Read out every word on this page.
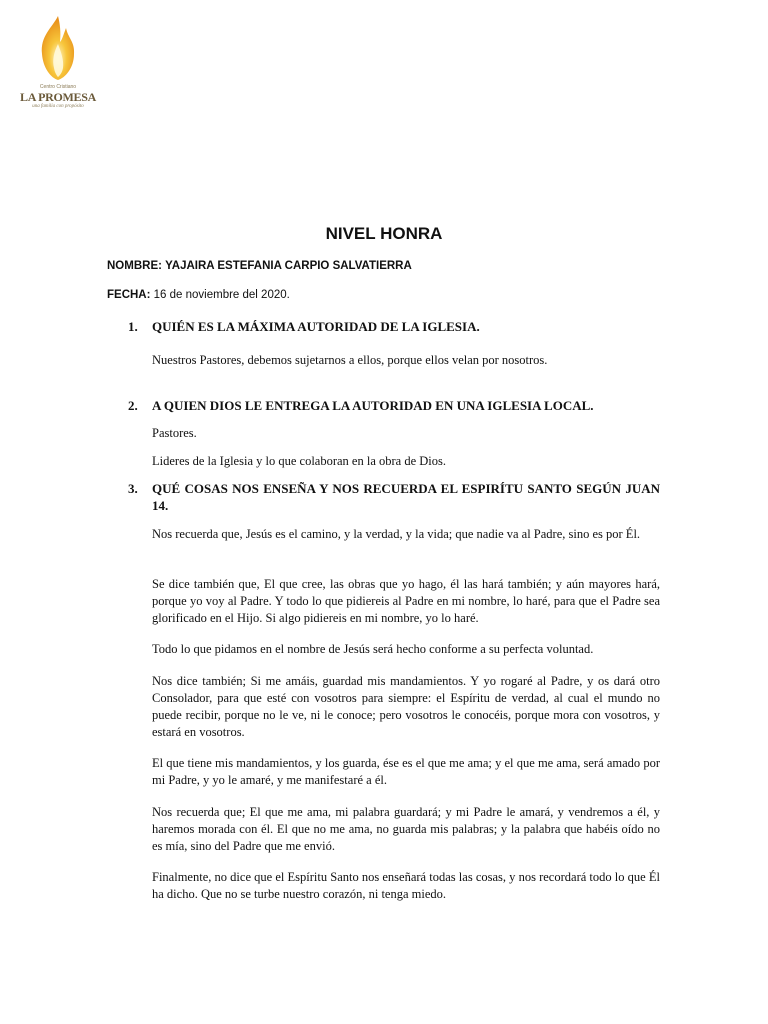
Centro Cristiano
LA PROMESA
una familia con propósito
NIVEL HONRA
NOMBRE: YAJAIRA ESTEFANIA CARPIO SALVATIERRA
FECHA: 16 de noviembre del 2020.
1.	QUIÉN ES LA MÁXIMA AUTORIDAD DE LA IGLESIA.
Nuestros Pastores, debemos sujetarnos a ellos, porque ellos velan por nosotros.
2.	A QUIEN DIOS LE ENTREGA LA AUTORIDAD EN UNA IGLESIA LOCAL.
Pastores.
Lideres de la Iglesia y lo que colaboran en la obra de Dios.
3.	QUÉ COSAS NOS ENSEÑA Y NOS RECUERDA EL ESPIRÍTU SANTO SEGÚN JUAN 14.
Nos recuerda que, Jesús es el camino, y la verdad, y la vida; que nadie va al Padre, sino es por Él.
Se dice también que, El que cree, las obras que yo hago, él las hará también; y aún mayores hará, porque yo voy al Padre. Y todo lo que pidiereis al Padre en mi nombre, lo haré, para que el Padre sea glorificado en el Hijo. Si algo pidiereis en mi nombre, yo lo haré.
Todo lo que pidamos en el nombre de Jesús será hecho conforme a su perfecta voluntad.
Nos dice también; Si me amáis, guardad mis mandamientos. Y yo rogaré al Padre, y os dará otro Consolador, para que esté con vosotros para siempre: el Espíritu de verdad, al cual el mundo no puede recibir, porque no le ve, ni le conoce; pero vosotros le conocéis, porque mora con vosotros, y estará en vosotros.
El que tiene mis mandamientos, y los guarda, ése es el que me ama; y el que me ama, será amado por mi Padre, y yo le amaré, y me manifestaré a él.
Nos recuerda que; El que me ama, mi palabra guardará; y mi Padre le amará, y vendremos a él, y haremos morada con él. El que no me ama, no guarda mis palabras; y la palabra que habéis oído no es mía, sino del Padre que me envió.
Finalmente, no dice que el Espíritu Santo nos enseñará todas las cosas, y nos recordará todo lo que Él ha dicho. Que no se turbe nuestro corazón, ni tenga miedo.
